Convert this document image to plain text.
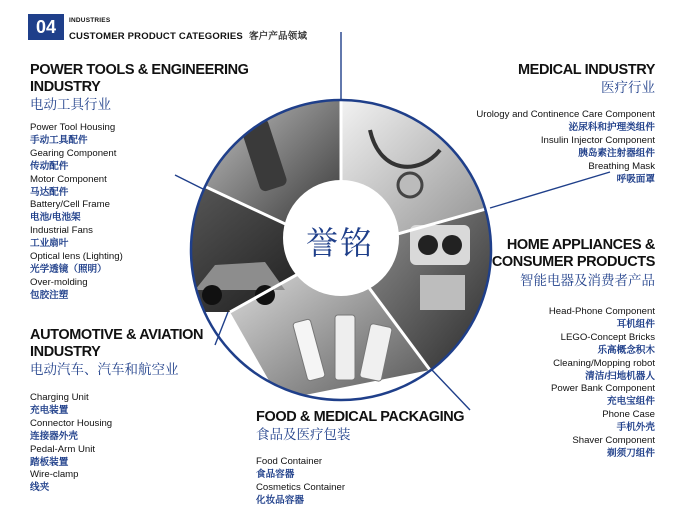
04	INDUSTRIES
CUSTOMER PRODUCT CATEGORIES 客户产品领域
誉铭
POWER TOOLS & ENGINEERING
INDUSTRY
电动工具行业
Power Tool Housing
手动工具配件
Gearing Component
传动配件
Motor Component
马达配件
Battery/Cell Frame
电池/电池架
Industrial Fans
工业扇叶
Optical lens (Lighting)
光学透镜（照明）
Over-molding
包胶注塑
MEDICAL INDUSTRY
医疗行业
Urology and Continence Care Component
泌尿科和护理类组件
Insulin Injector Component
胰岛素注射器组件
Breathing Mask
呼吸面罩
HOME APPLIANCES &
CONSUMER PRODUCTS
智能电器及消费者产品
Head-Phone Component
耳机组件
LEGO-Concept Bricks
乐高概念积木
Cleaning/Mopping robot
清洁/扫地机器人
Power Bank Component
充电宝组件
Phone Case
手机外壳
Shaver Component
剃须刀组件
AUTOMOTIVE & AVIATION
INDUSTRY
电动汽车、汽车和航空业
Charging Unit
充电装置
Connector Housing
连接器外壳
Pedal-Arm Unit
踏板装置
Wire-clamp
线夹
FOOD & MEDICAL PACKAGING
食品及医疗包装
Food Container
食品容器
Cosmetics Container
化妆品容器
